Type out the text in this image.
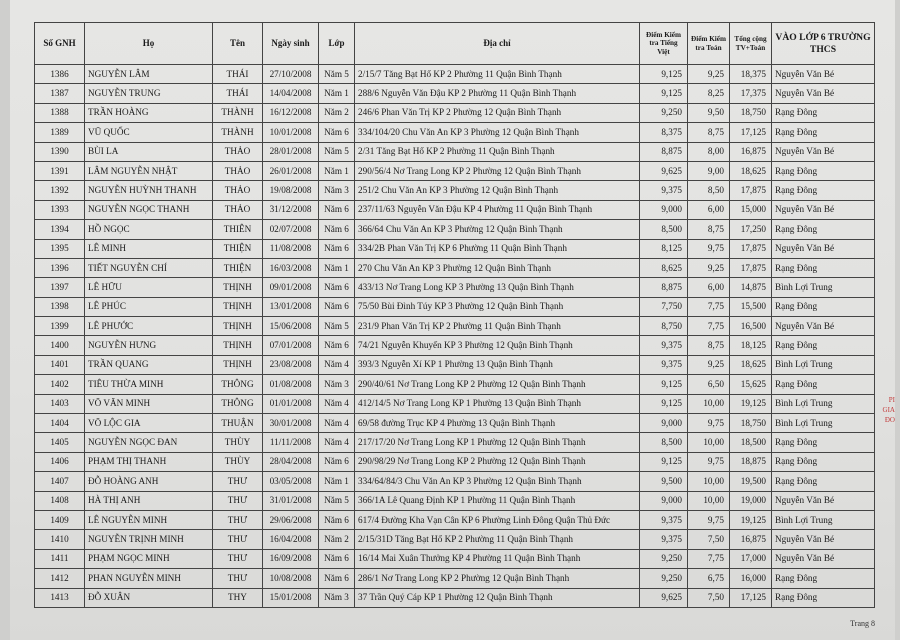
Số GNH	Họ	Tên	Ngày sinh	Lớp	Địa chỉ	Điểm Kiểm tra Tiếng Việt	Điểm Kiểm tra Toán	Tổng cộng TV+Toán	VÀO LỚP 6 TRƯỜNG THCS
1386	NGUYỄN LÂM	THÁI	27/10/2008	Năm 5	2/15/7 Tăng Bạt Hổ KP 2 Phường 11 Quận Bình Thạnh	9,125	9,25	18,375	Nguyễn Văn Bé
1387	NGUYỄN TRUNG	THÁI	14/04/2008	Năm 1	288/6 Nguyễn Văn Đậu KP 2 Phường 11 Quận Bình Thạnh	9,125	8,25	17,375	Nguyễn Văn Bé
1388	TRẦN HOÀNG	THÀNH	16/12/2008	Năm 2	246/6 Phan Văn Trị KP 2 Phường 12 Quận Bình Thạnh	9,250	9,50	18,750	Rạng Đông
1389	VŨ QUỐC	THÀNH	10/01/2008	Năm 6	334/104/20 Chu Văn An KP 3 Phường 12 Quận Bình Thạnh	8,375	8,75	17,125	Rạng Đông
1390	BÙI LA	THẢO	28/01/2008	Năm 5	2/31 Tăng Bạt Hổ KP 2 Phường 11 Quận Bình Thạnh	8,875	8,00	16,875	Nguyễn Văn Bé
1391	LÂM NGUYỄN NHẬT	THẢO	26/01/2008	Năm 1	290/56/4 Nơ Trang Long KP 2 Phường 12 Quận Bình Thạnh	9,625	9,00	18,625	Rạng Đông
1392	NGUYỄN HUỲNH THANH	THẢO	19/08/2008	Năm 3	251/2 Chu Văn An KP 3 Phường 12 Quận Bình Thạnh	9,375	8,50	17,875	Rạng Đông
1393	NGUYỄN NGỌC THANH	THẢO	31/12/2008	Năm 6	237/11/63 Nguyễn Văn Đậu KP 4 Phường 11 Quận Bình Thạnh	9,000	6,00	15,000	Nguyễn Văn Bé
1394	HỒ NGỌC	THIÊN	02/07/2008	Năm 6	366/64 Chu Văn An KP 3 Phường 12 Quận Bình Thạnh	8,500	8,75	17,250	Rạng Đông
1395	LÊ MINH	THIỆN	11/08/2008	Năm 6	334/2B Phan Văn Trị KP 6 Phường 11 Quận Bình Thạnh	8,125	9,75	17,875	Nguyễn Văn Bé
1396	TIẾT NGUYỄN CHÍ	THIỆN	16/03/2008	Năm 1	270 Chu Văn An KP 3 Phường 12 Quận Bình Thạnh	8,625	9,25	17,875	Rạng Đông
1397	LÊ HỮU	THỊNH	09/01/2008	Năm 6	433/13 Nơ Trang Long KP 3 Phường 13 Quận Bình Thạnh	8,875	6,00	14,875	Bình Lợi Trung
1398	LÊ PHÚC	THỊNH	13/01/2008	Năm 6	75/50 Bùi Đình Túy KP 3 Phường 12 Quận Bình Thạnh	7,750	7,75	15,500	Rạng Đông
1399	LÊ PHƯỚC	THỊNH	15/06/2008	Năm 5	231/9 Phan Văn Trị KP 2 Phường 11 Quận Bình Thạnh	8,750	7,75	16,500	Nguyễn Văn Bé
1400	NGUYỄN HƯNG	THỊNH	07/01/2008	Năm 6	74/21 Nguyễn Khuyến KP 3 Phường 12 Quận Bình Thạnh	9,375	8,75	18,125	Rạng Đông
1401	TRẦN QUANG	THỊNH	23/08/2008	Năm 4	393/3 Nguyễn Xí KP 1 Phường 13 Quận Bình Thạnh	9,375	9,25	18,625	Bình Lợi Trung
1402	TIÊU THỪA MINH	THÔNG	01/08/2008	Năm 3	290/40/61 Nơ Trang Long KP 2 Phường 12 Quận Bình Thạnh	9,125	6,50	15,625	Rạng Đông
1403	VÕ VĂN MINH	THÔNG	01/01/2008	Năm 4	412/14/5 Nơ Trang Long KP 1 Phường 13 Quận Bình Thạnh	9,125	10,00	19,125	Bình Lợi Trung
1404	VÕ LỘC GIA	THUẬN	30/01/2008	Năm 4	69/58 đường Trục KP 4 Phường 13 Quận Bình Thạnh	9,000	9,75	18,750	Bình Lợi Trung
1405	NGUYỄN NGỌC ĐAN	THÙY	11/11/2008	Năm 4	217/17/20 Nơ Trang Long KP 1 Phường 12 Quận Bình Thạnh	8,500	10,00	18,500	Rạng Đông
1406	PHẠM THỊ THANH	THÙY	28/04/2008	Năm 6	290/98/29 Nơ Trang Long KP 2 Phường 12 Quận Bình Thạnh	9,125	9,75	18,875	Rạng Đông
1407	ĐỖ HOÀNG ANH	THƯ	03/05/2008	Năm 1	334/64/84/3 Chu Văn An KP 3 Phường 12 Quận Bình Thạnh	9,500	10,00	19,500	Rạng Đông
1408	HÀ THỊ ANH	THƯ	31/01/2008	Năm 5	366/1A Lê Quang Định KP 1 Phường 11 Quận Bình Thạnh	9,000	10,00	19,000	Nguyễn Văn Bé
1409	LÊ NGUYỄN MINH	THƯ	29/06/2008	Năm 6	617/4 Đường Kha Vạn Cân KP 6 Phường Linh Đông Quận Thủ Đức	9,375	9,75	19,125	Bình Lợi Trung
1410	NGUYỄN TRỊNH MINH	THƯ	16/04/2008	Năm 2	2/15/31D Tăng Bạt Hổ KP 2 Phường 11 Quận Bình Thạnh	9,375	7,50	16,875	Nguyễn Văn Bé
1411	PHẠM NGỌC MINH	THƯ	16/09/2008	Năm 6	16/14 Mai Xuân Thưởng KP 4 Phường 11 Quận Bình Thạnh	9,250	7,75	17,000	Nguyễn Văn Bé
1412	PHAN NGUYỄN MINH	THƯ	10/08/2008	Năm 6	286/1 Nơ Trang Long KP 2 Phường 12 Quận Bình Thạnh	9,250	6,75	16,000	Rạng Đông
1413	ĐỖ XUÂN	THY	15/01/2008	Năm 3	37 Trần Quý Cáp KP 1 Phường 12 Quận Bình Thạnh	9,625	7,50	17,125	Rạng Đông
PI GIA ĐO
Trang 8
